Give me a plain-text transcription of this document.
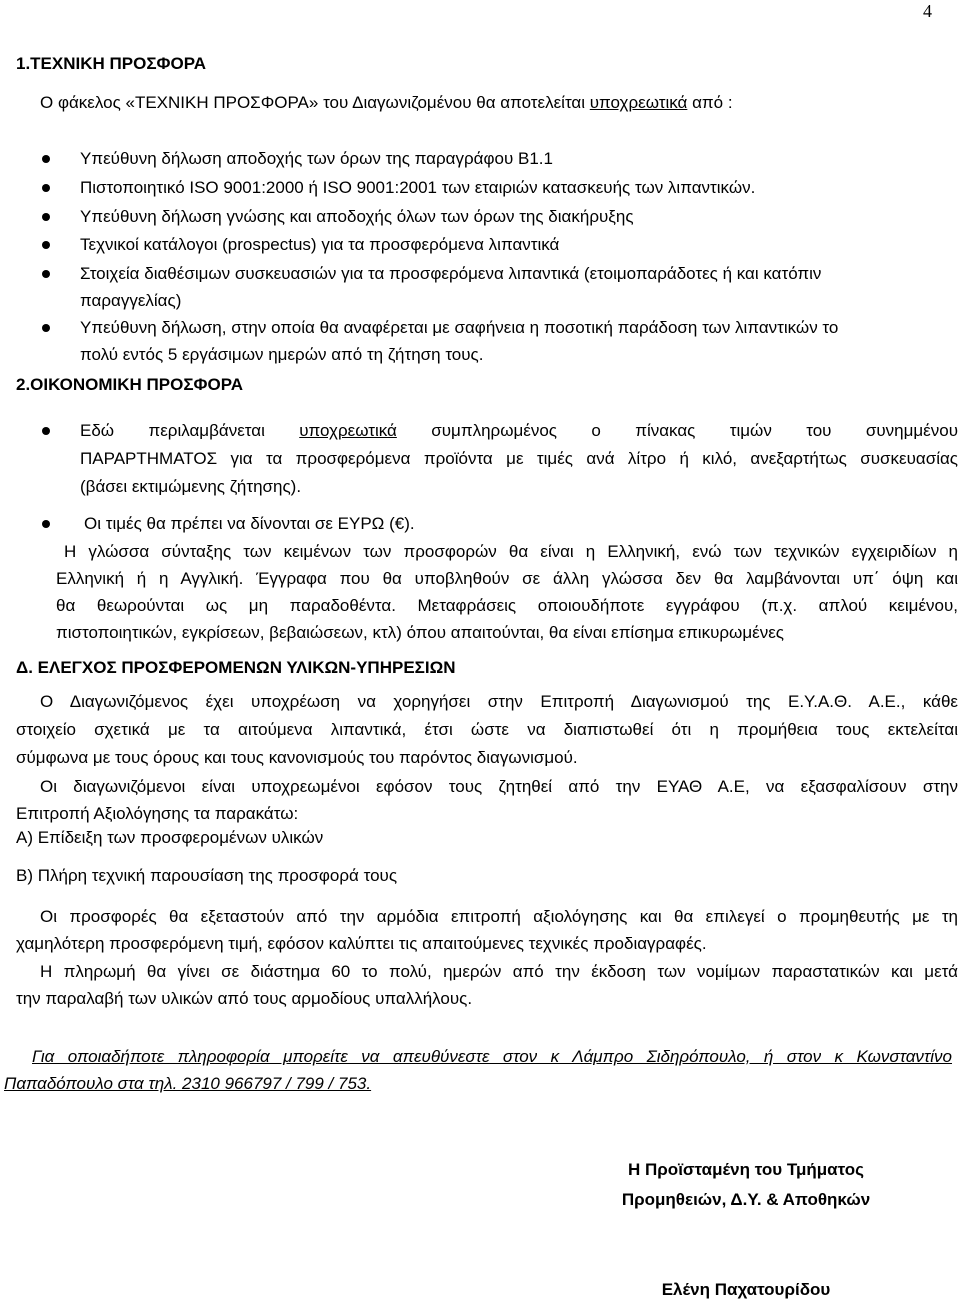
4
1.ΤΕΧΝΙΚΗ ΠΡΟΣΦΟΡΑ
Ο φάκελος «ΤΕΧΝΙΚΗ ΠΡΟΣΦΟΡΑ» του Διαγωνιζομένου θα αποτελείται υποχρεωτικά από :
Υπεύθυνη δήλωση αποδοχής των όρων της παραγράφου Β1.1
Πιστοποιητικό ISO 9001:2000 ή ISO 9001:2001 των εταιριών κατασκευής των λιπαντικών.
Υπεύθυνη δήλωση γνώσης και αποδοχής όλων των όρων της διακήρυξης
Τεχνικοί κατάλογοι (prospectus) για τα προσφερόμενα λιπαντικά
Στοιχεία διαθέσιμων συσκευασιών για τα προσφερόμενα λιπαντικά (ετοιμοπαράδοτες ή και κατόπιν
παραγγελίας)
Υπεύθυνη δήλωση, στην οποία θα αναφέρεται με σαφήνεια η ποσοτική παράδοση των λιπαντικών το
πολύ εντός 5 εργάσιμων ημερών από τη ζήτηση τους.
2.ΟΙΚΟΝΟΜΙΚΗ ΠΡΟΣΦΟΡΑ
Εδώ περιλαμβάνεται υποχρεωτικά συμπληρωμένος ο πίνακας τιμών του συνημμένου
ΠΑΡΑΡΤΗΜΑΤΟΣ για τα προσφερόμενα προϊόντα με τιμές ανά λίτρο ή κιλό, ανεξαρτήτως συσκευασίας
(βάσει εκτιμώμενης ζήτησης).
Οι τιμές θα πρέπει να δίνονται σε ΕΥΡΩ (€).
Η γλώσσα σύνταξης των κειμένων των προσφορών θα είναι η Ελληνική, ενώ των τεχνικών εγχειριδίων η
Ελληνική ή η Αγγλική. Έγγραφα που θα υποβληθούν σε άλλη γλώσσα δεν θα λαμβάνονται υπ΄ όψη και
θα θεωρούνται ως μη παραδοθέντα. Μεταφράσεις οποιουδήποτε εγγράφου (π.χ. απλού κειμένου,
πιστοποιητικών, εγκρίσεων, βεβαιώσεων, κτλ) όπου απαιτούνται, θα είναι επίσημα επικυρωμένες
Δ. ΕΛΕΓΧΟΣ ΠΡΟΣΦΕΡΟΜΕΝΩΝ ΥΛΙΚΩΝ-ΥΠΗΡΕΣΙΩΝ
Ο Διαγωνιζόμενος έχει υποχρέωση να χορηγήσει στην Επιτροπή Διαγωνισμού της Ε.Υ.Α.Θ. Α.Ε., κάθε
στοιχείο σχετικά με τα αιτούμενα λιπαντικά, έτσι ώστε να διαπιστωθεί ότι η προμήθεια τους εκτελείται
σύμφωνα με τους όρους και τους κανονισμούς του παρόντος διαγωνισμού.
Οι διαγωνιζόμενοι είναι υποχρεωμένοι εφόσον τους ζητηθεί από την ΕΥΑΘ Α.Ε, να εξασφαλίσουν στην
Επιτροπή Αξιολόγησης τα παρακάτω:
Α) Επίδειξη των προσφερομένων υλικών
Β) Πλήρη τεχνική παρουσίαση της προσφορά τους
Οι προσφορές θα εξεταστούν από την αρμόδια επιτροπή αξιολόγησης και θα επιλεγεί ο προμηθευτής με τη
χαμηλότερη προσφερόμενη τιμή, εφόσον καλύπτει τις απαιτούμενες τεχνικές προδιαγραφές.
Η πληρωμή θα γίνει σε διάστημα 60 το πολύ, ημερών από την έκδοση των νομίμων παραστατικών και μετά
την παραλαβή των υλικών από τους αρμοδίους υπαλλήλους.
Για οποιαδήποτε πληροφορία μπορείτε να απευθύνεστε στον κ Λάμπρο Σιδηρόπουλο, ή στον κ Κωνσταντίνο
Παπαδόπουλο στα τηλ. 2310 966797 / 799 / 753.
Η Προϊσταμένη του Τμήματος
Προμηθειών, Δ.Υ. & Αποθηκών
Ελένη Παχατουρίδου
